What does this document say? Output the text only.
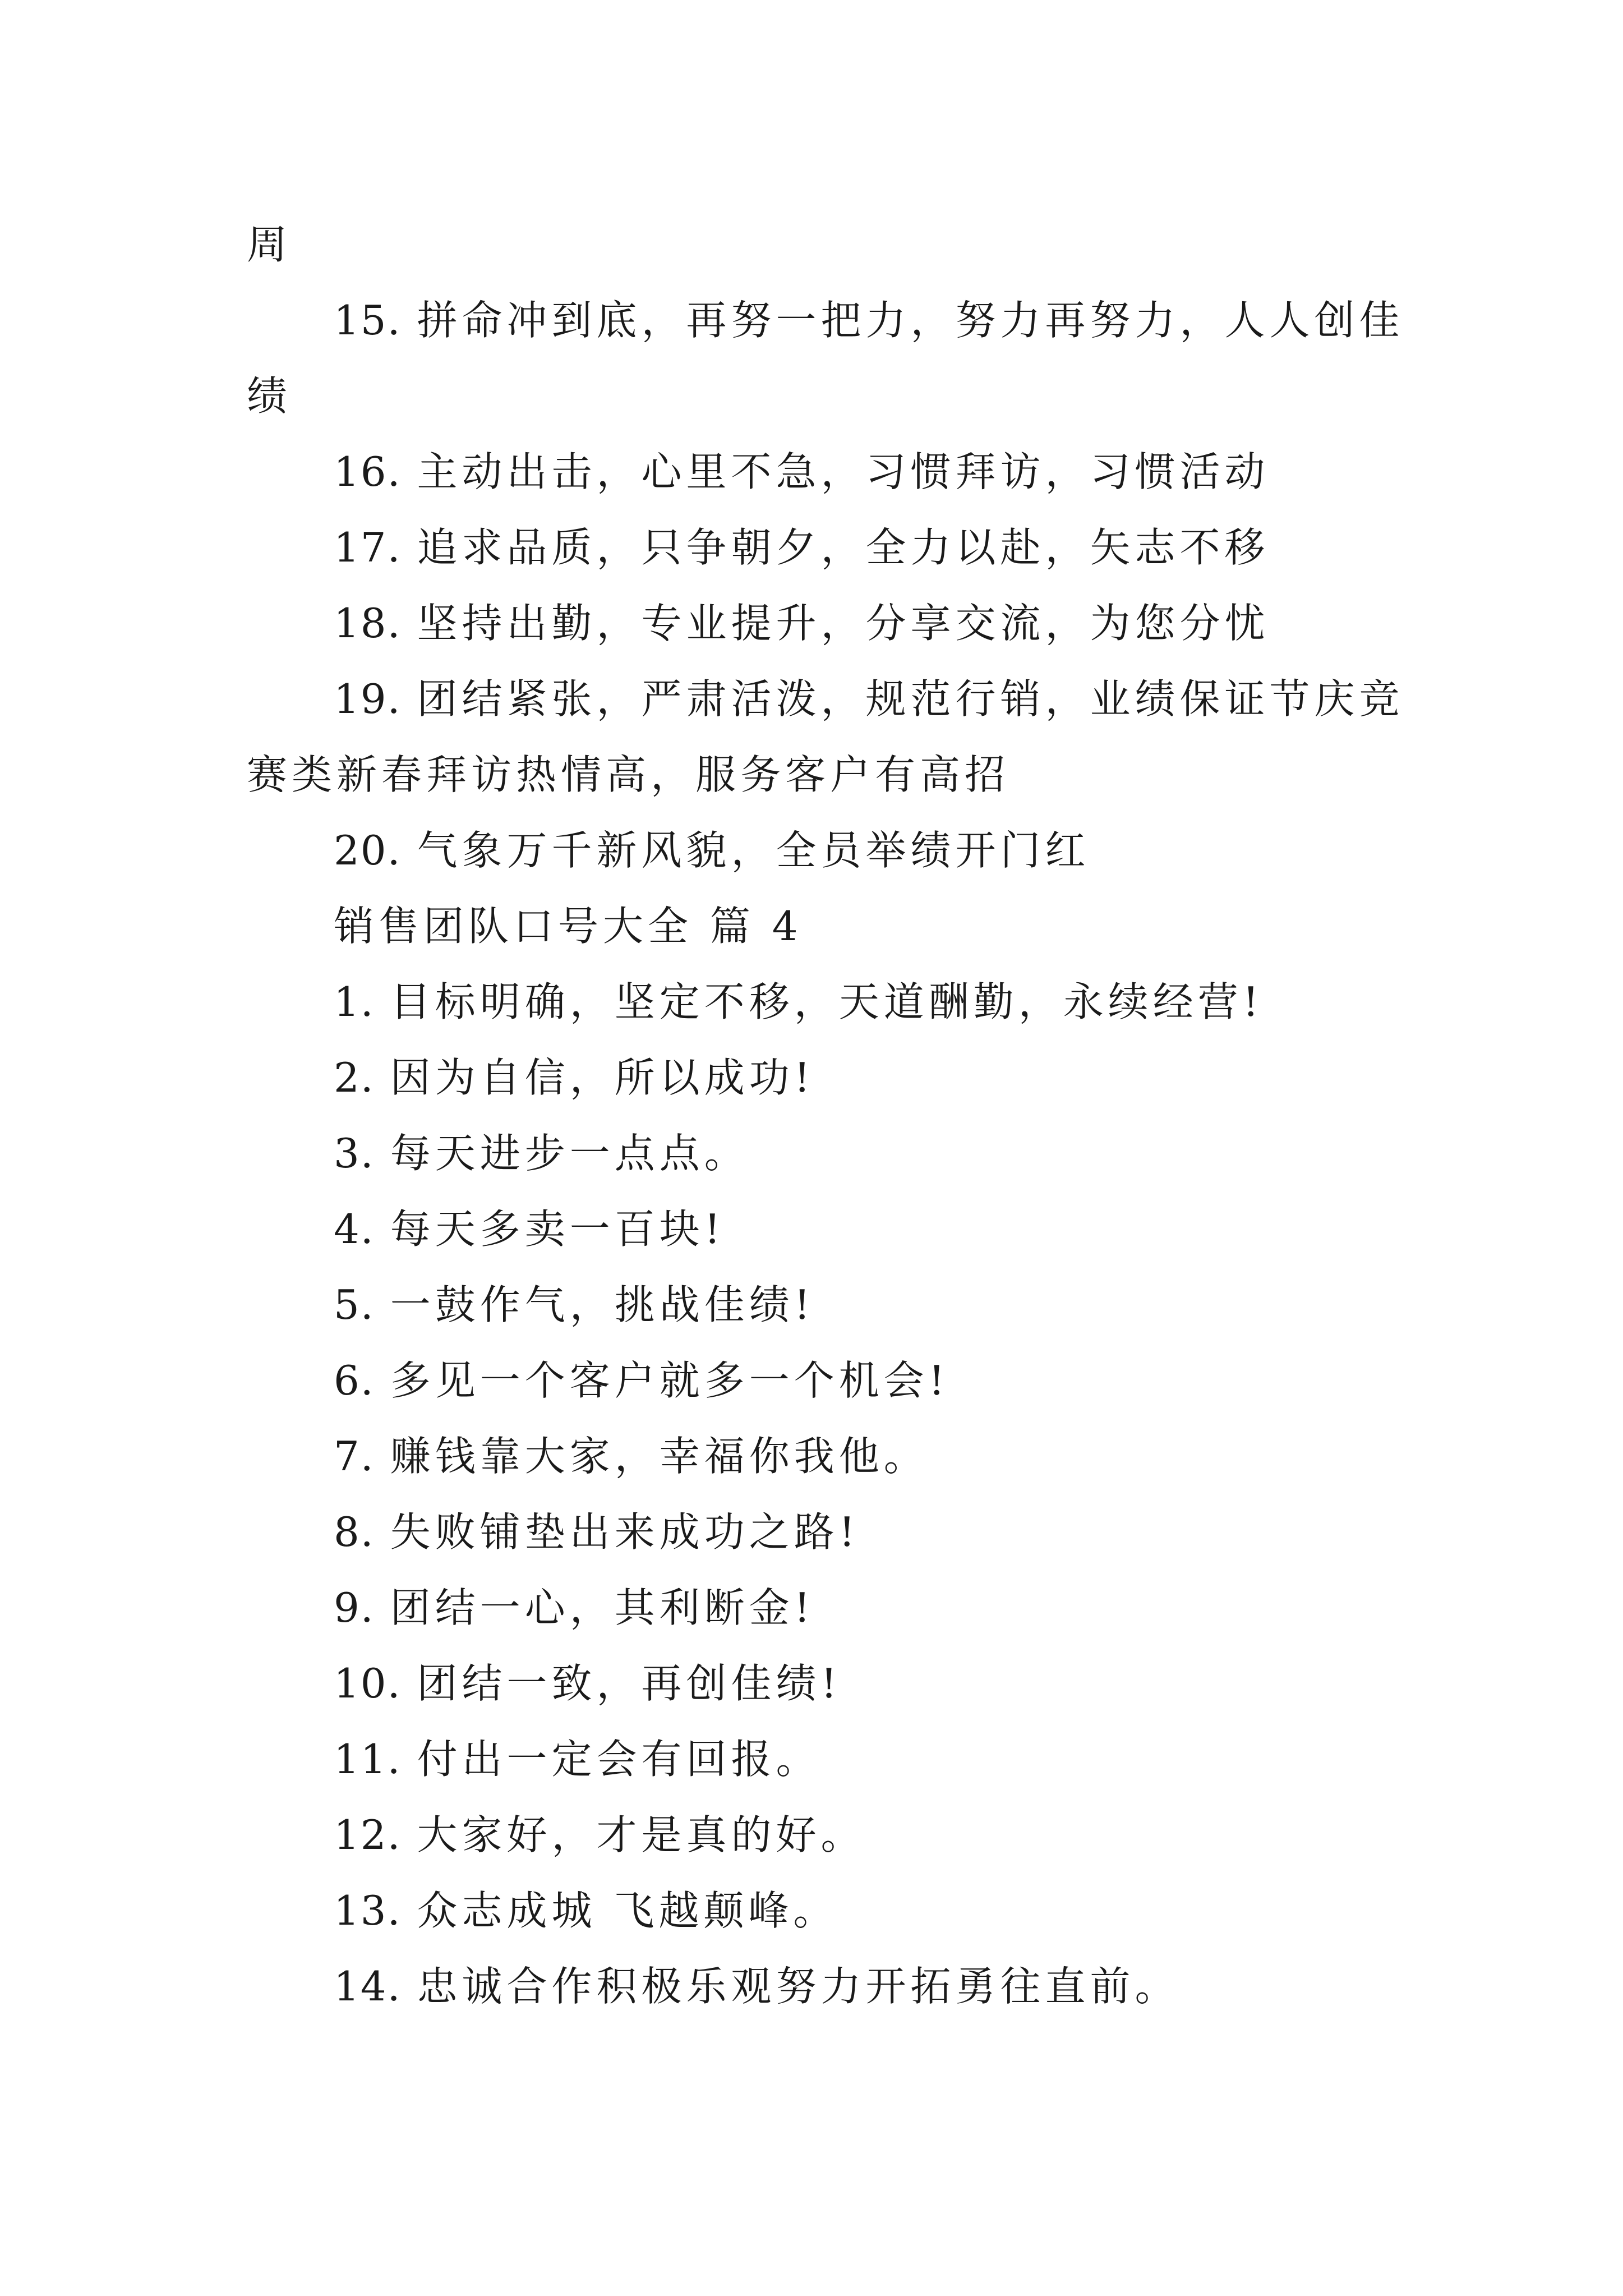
周
15. 拼命冲到底，再努一把力，努力再努力，人人创佳
绩
16. 主动出击，心里不急，习惯拜访，习惯活动
17. 追求品质，只争朝夕，全力以赴，矢志不移
18. 坚持出勤，专业提升，分享交流，为您分忧
19. 团结紧张，严肃活泼，规范行销，业绩保证节庆竞
赛类新春拜访热情高，服务客户有高招
20. 气象万千新风貌，全员举绩开门红
销售团队口号大全 篇 4
1. 目标明确，坚定不移，天道酬勤，永续经营!
2. 因为自信，所以成功!
3. 每天进步一点点。
4. 每天多卖一百块!
5. 一鼓作气，挑战佳绩!
6. 多见一个客户就多一个机会!
7. 赚钱靠大家，幸福你我他。
8. 失败铺垫出来成功之路!
9. 团结一心，其利断金!
10. 团结一致，再创佳绩!
11. 付出一定会有回报。
12. 大家好，才是真的好。
13. 众志成城 飞越颠峰。
14. 忠诚合作积极乐观努力开拓勇往直前。
